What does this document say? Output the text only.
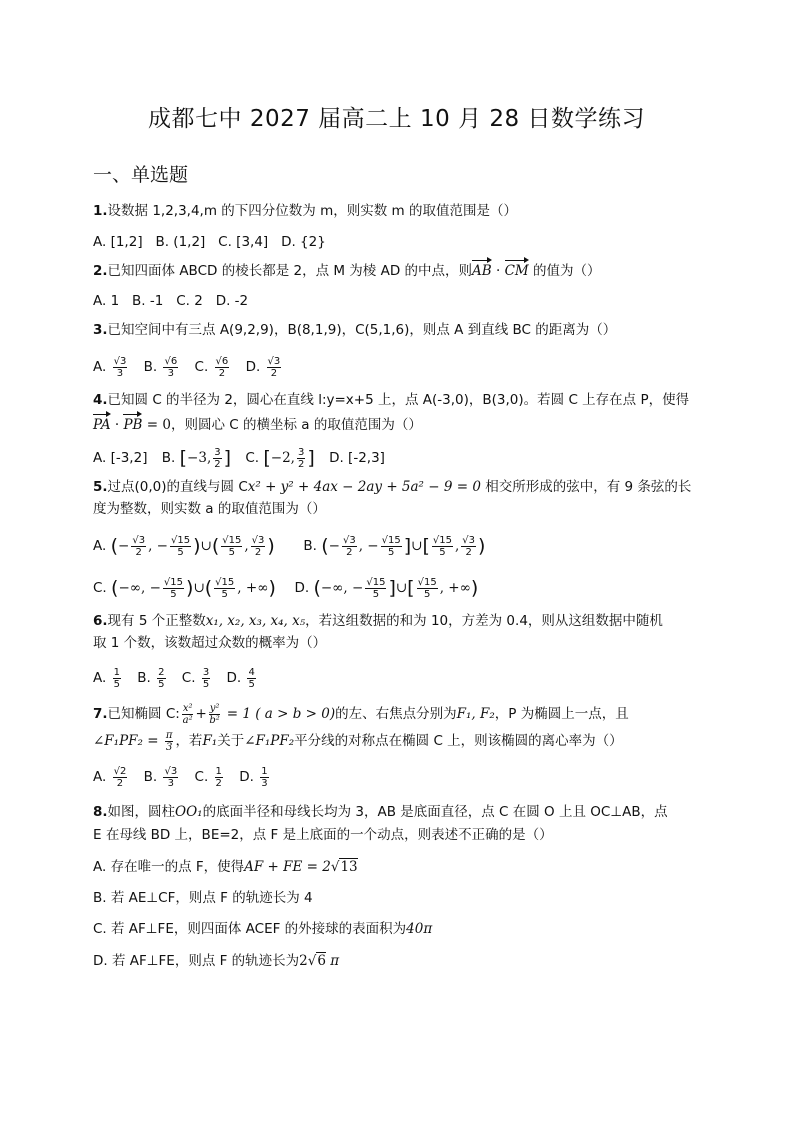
成都七中 2027 届高二上 10 月 28 日数学练习
一、单选题
1.设数据 1,2,3,4,m 的下四分位数为 m，则实数 m 的取值范围是（）
A. [1,2]   B. (1,2]   C. [3,4]   D. {2}
2.已知四面体 ABCD 的棱长都是 2，点 M 为棱 AD 的中点，则AB · CM 的值为（）
A. 1   B. -1   C. 2   D. -2
3.已知空间中有三点 A(9,2,9)，B(8,1,9)，C(5,1,6)，则点 A 到直线 BC 的距离为（）
A. $\frac{√3}{3} B$. $\frac{√6}{3} C$. $\frac{√6}{2} D$. $\frac{√3}{2}$
4.已知圆 C 的半径为 2，圆心在直线 l:y=x+5 上，点 A(-3,0)，B(3,0)。若圆 C 上存在点 P，使得
PA · PB = 0，则圆心 C 的横坐标 a 的取值范围为（）
A. [-3,2] B. [−3, $\frac{3}{2}$ ] C. [−2, $\frac{3}{2}$ ] D. [-2,3]
5.过点(0,0)的直线与圆 Cx² + y² + 4ax − 2ay + 5a² − 9 = 0 相交所形成的弦中，有 9 条弦的长
度为整数，则实数 a 的取值范围为（）
A. (− $\frac{√3}{2}$ , − $\frac{√15}{5}$ )∪( $\frac{√15}{5}$ , $\frac{√3}{2}$ ) B. (− $\frac{√3}{2}$ , − $\frac{√15}{5}$ ]∪[ $\frac{√15}{5}$ , $\frac{√3}{2}$ )
C. (−∞, − $\frac{√15}{5}$ )∪( $\frac{√15}{5}$ , +∞) D. (−∞, − $\frac{√15}{5}$ ]∪[ $\frac{√15}{5}$ , +∞)
6.现有 5 个正整数x₁, x₂, x₃, x₄, x₅，若这组数据的和为 10，方差为 0.4，则从这组数据中随机
取 1 个数，该数超过众数的概率为（）
A. $\frac{1}{5} B$. $\frac{2}{5} C$. $\frac{3}{5} D$. $\frac{4}{5}$
7.已知椭圆 C: $\frac{\text{x²}}{\text{a²}} + \frac{\text{y²}}{\text{b²}} = 1$ ( a > b > 0)的左、右焦点分别为F₁, F₂，P 为椭圆上一点，且
∠F₁PF₂ = $\frac{\pi}{3}$ ，若F₁关于∠F₁PF₂平分线的对称点在椭圆 C 上，则该椭圆的离心率为（）
A. $\frac{√2}{2} B$. $\frac{√3}{3} C$. $\frac{1}{2} D$. $\frac{1}{3}$
8.如图，圆柱OO₁的底面半径和母线长均为 3，AB 是底面直径，点 C 在圆 O 上且 OC⊥AB，点
E 在母线 BD 上，BE=2，点 F 是上底面的一个动点，则表述不正确的是（）
A. 存在唯一的点 F，使得AF + FE = 2√13
B. 若 AE⊥CF，则点 F 的轨迹长为 4
C. 若 AF⊥FE，则四面体 ACEF 的外接球的表面积为40π
D. 若 AF⊥FE，则点 F 的轨迹长为2√6 π
